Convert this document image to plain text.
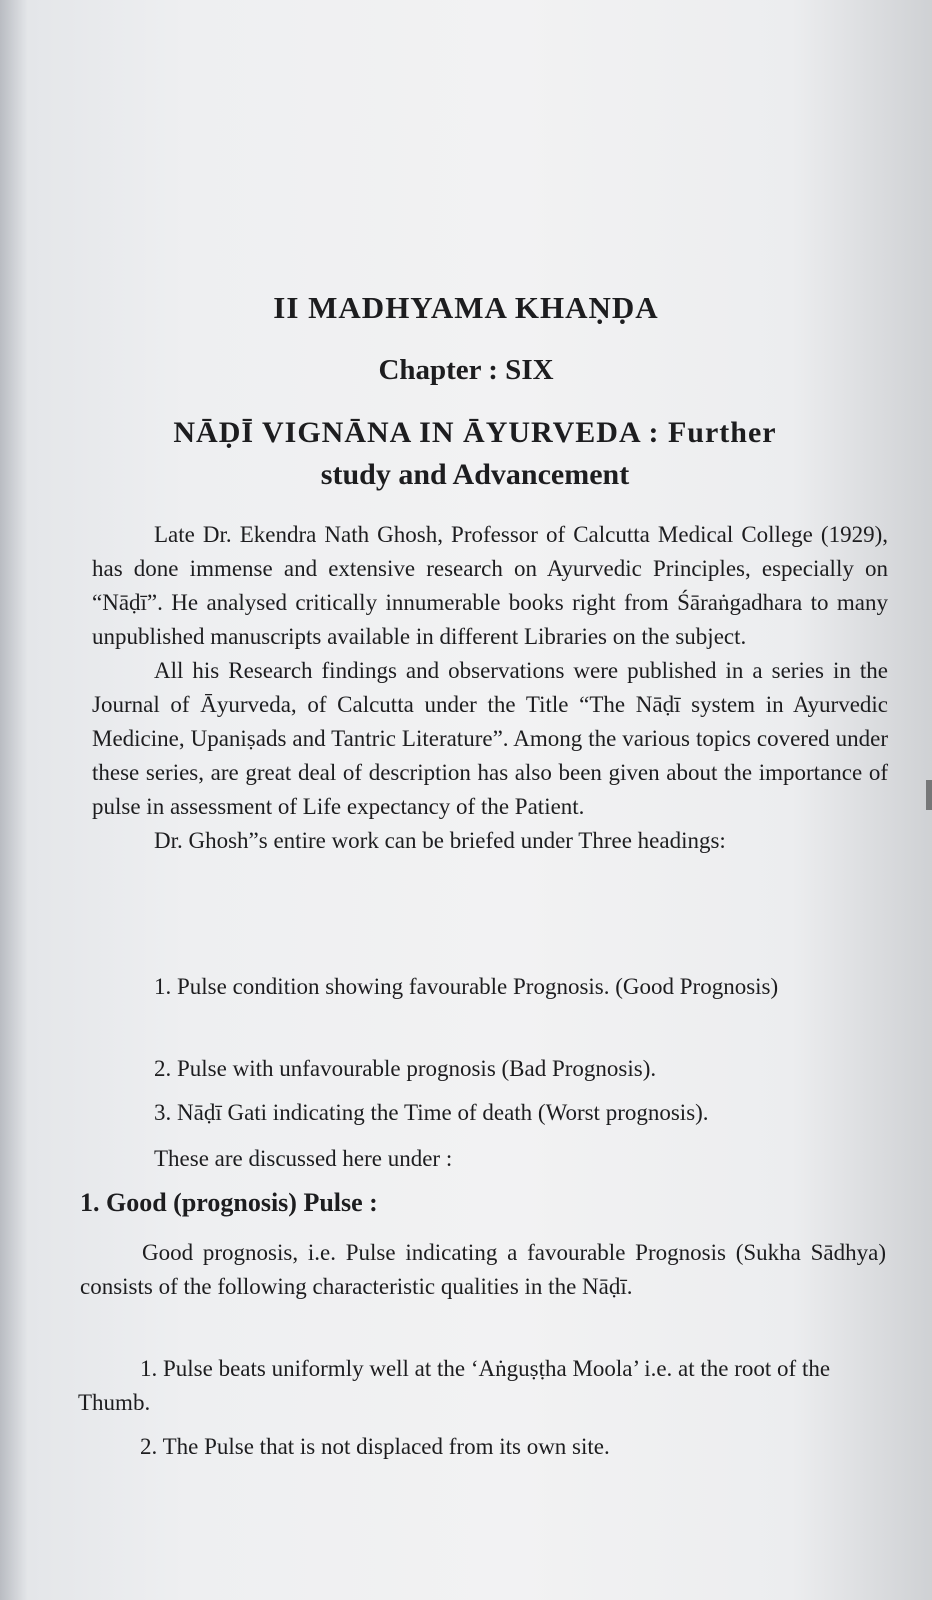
II MADHYAMA KHAṆḌA
Chapter : SIX
NĀḌĪ VIGNĀNA IN ĀYURVEDA : Further
study and Advancement

Late Dr. Ekendra Nath Ghosh, Professor of Calcutta Medical College (1929), has done immense and extensive research on Ayurvedic Principles, especially on “Nāḍī”. He analysed critically innumerable books right from Śāraṅgadhara to many unpublished manuscripts available in different Libraries on the subject.

All his Research findings and observations were published in a series in the Journal of Āyurveda, of Calcutta under the Title “The Nāḍī system in Ayurvedic Medicine, Upaniṣads and Tantric Literature”. Among the various topics covered under these series, are great deal of description has also been given about the importance of pulse in assessment of Life expectancy of the Patient.

Dr. Ghosh”s entire work can be briefed under Three headings:

1. Pulse condition showing favourable Prognosis. (Good Prognosis)
2. Pulse with unfavourable prognosis (Bad Prognosis).
3. Nāḍī Gati indicating the Time of death (Worst prognosis).
These are discussed here under :
1. Good (prognosis) Pulse :

Good prognosis, i.e. Pulse indicating a favourable Prognosis (Sukha Sādhya) consists of the following characteristic qualities in the Nāḍī.

1. Pulse beats uniformly well at the ‘Aṅguṣṭha Moola’ i.e. at the root of the Thumb.
2. The Pulse that is not displaced from its own site.
